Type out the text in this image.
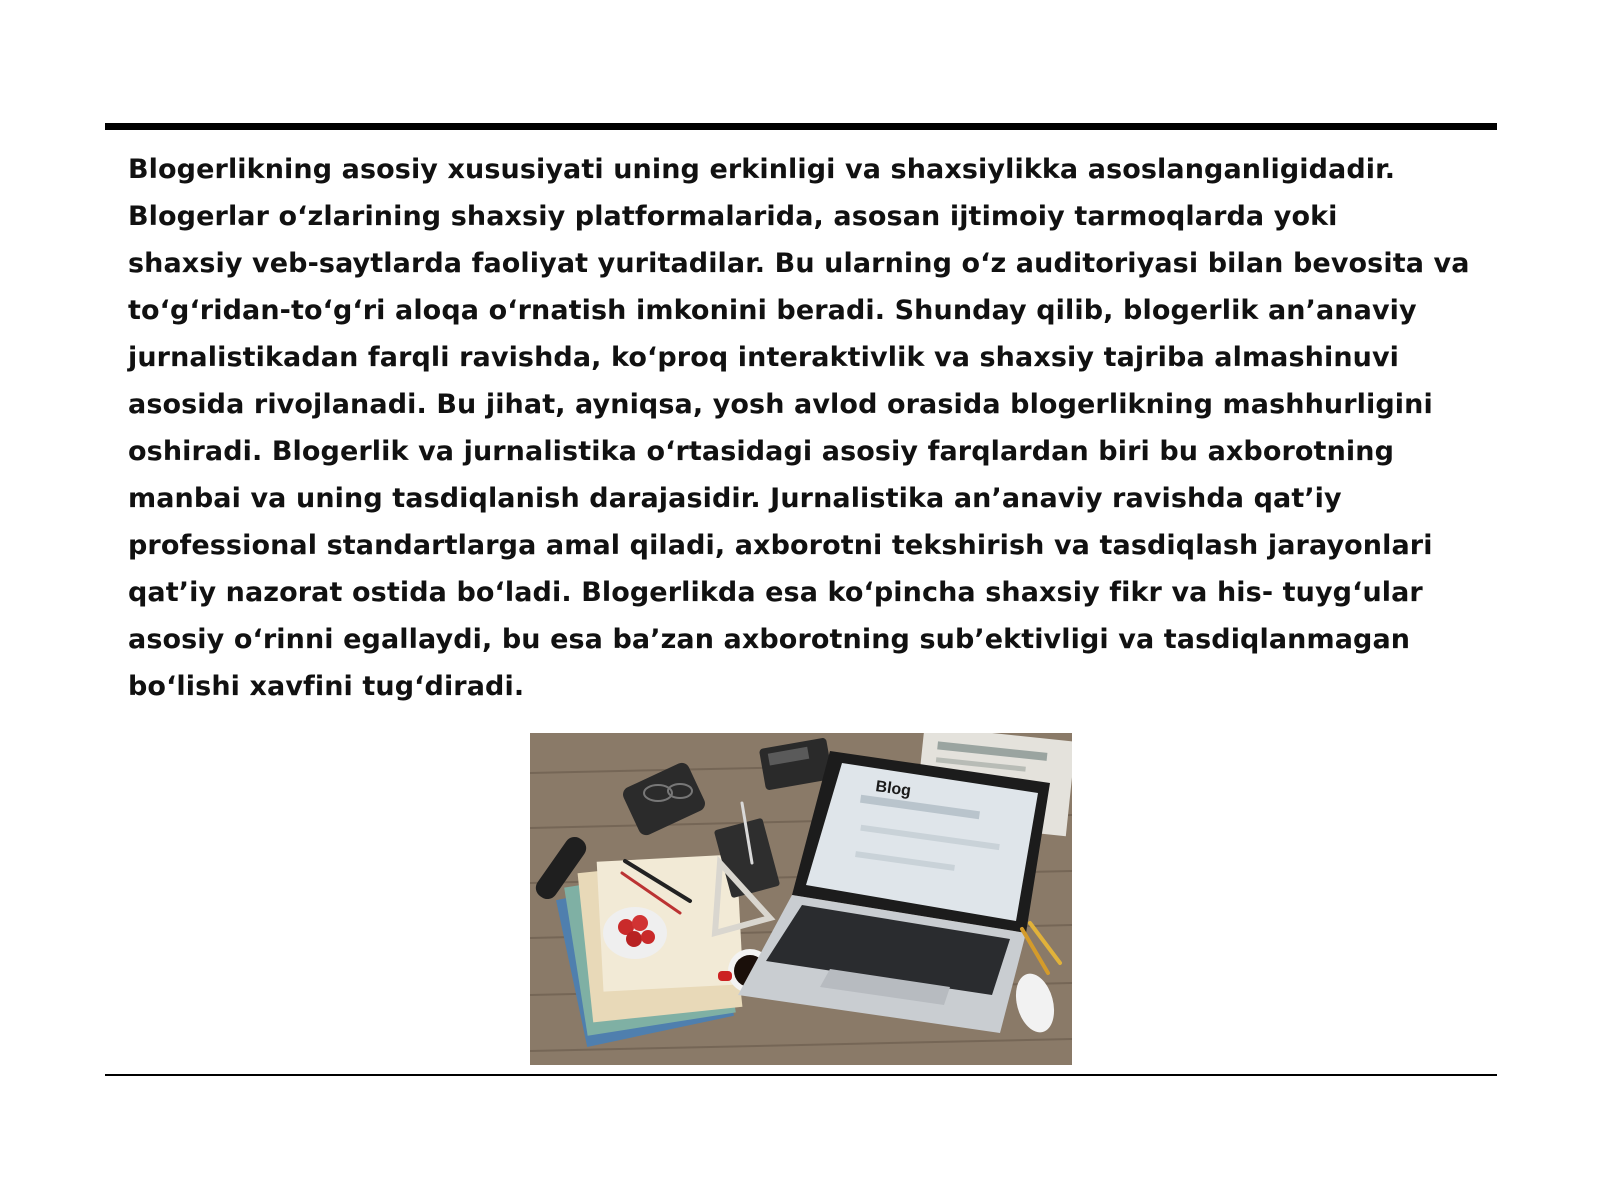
Blogerlikning asosiy xususiyati uning erkinligi va shaxsiylikka asoslanganligidadir.
Blogerlar o‘zlarining shaxsiy platformalarida, asosan ijtimoiy tarmoqlarda yoki
shaxsiy veb-saytlarda faoliyat yuritadilar. Bu ularning o‘z auditoriyasi bilan bevosita va
to‘g‘ridan-to‘g‘ri aloqa o‘rnatish imkonini beradi. Shunday qilib, blogerlik an’anaviy
jurnalistikadan farqli ravishda, ko‘proq interaktivlik va shaxsiy tajriba almashinuvi
asosida rivojlanadi. Bu jihat, ayniqsa, yosh avlod orasida blogerlikning mashhurligini
oshiradi. Blogerlik va jurnalistika o‘rtasidagi asosiy farqlardan biri bu axborotning
manbai va uning tasdiqlanish darajasidir. Jurnalistika an’anaviy ravishda qat’iy
professional standartlarga amal qiladi, axborotni tekshirish va tasdiqlash jarayonlari
qat’iy nazorat ostida bo‘ladi. Blogerlikda esa ko‘pincha shaxsiy fikr va his- tuyg‘ular
asosiy o‘rinni egallaydi, bu esa ba’zan axborotning sub’ektivligi va tasdiqlanmagan
bo‘lishi xavfini tug‘diradi.

Blog
